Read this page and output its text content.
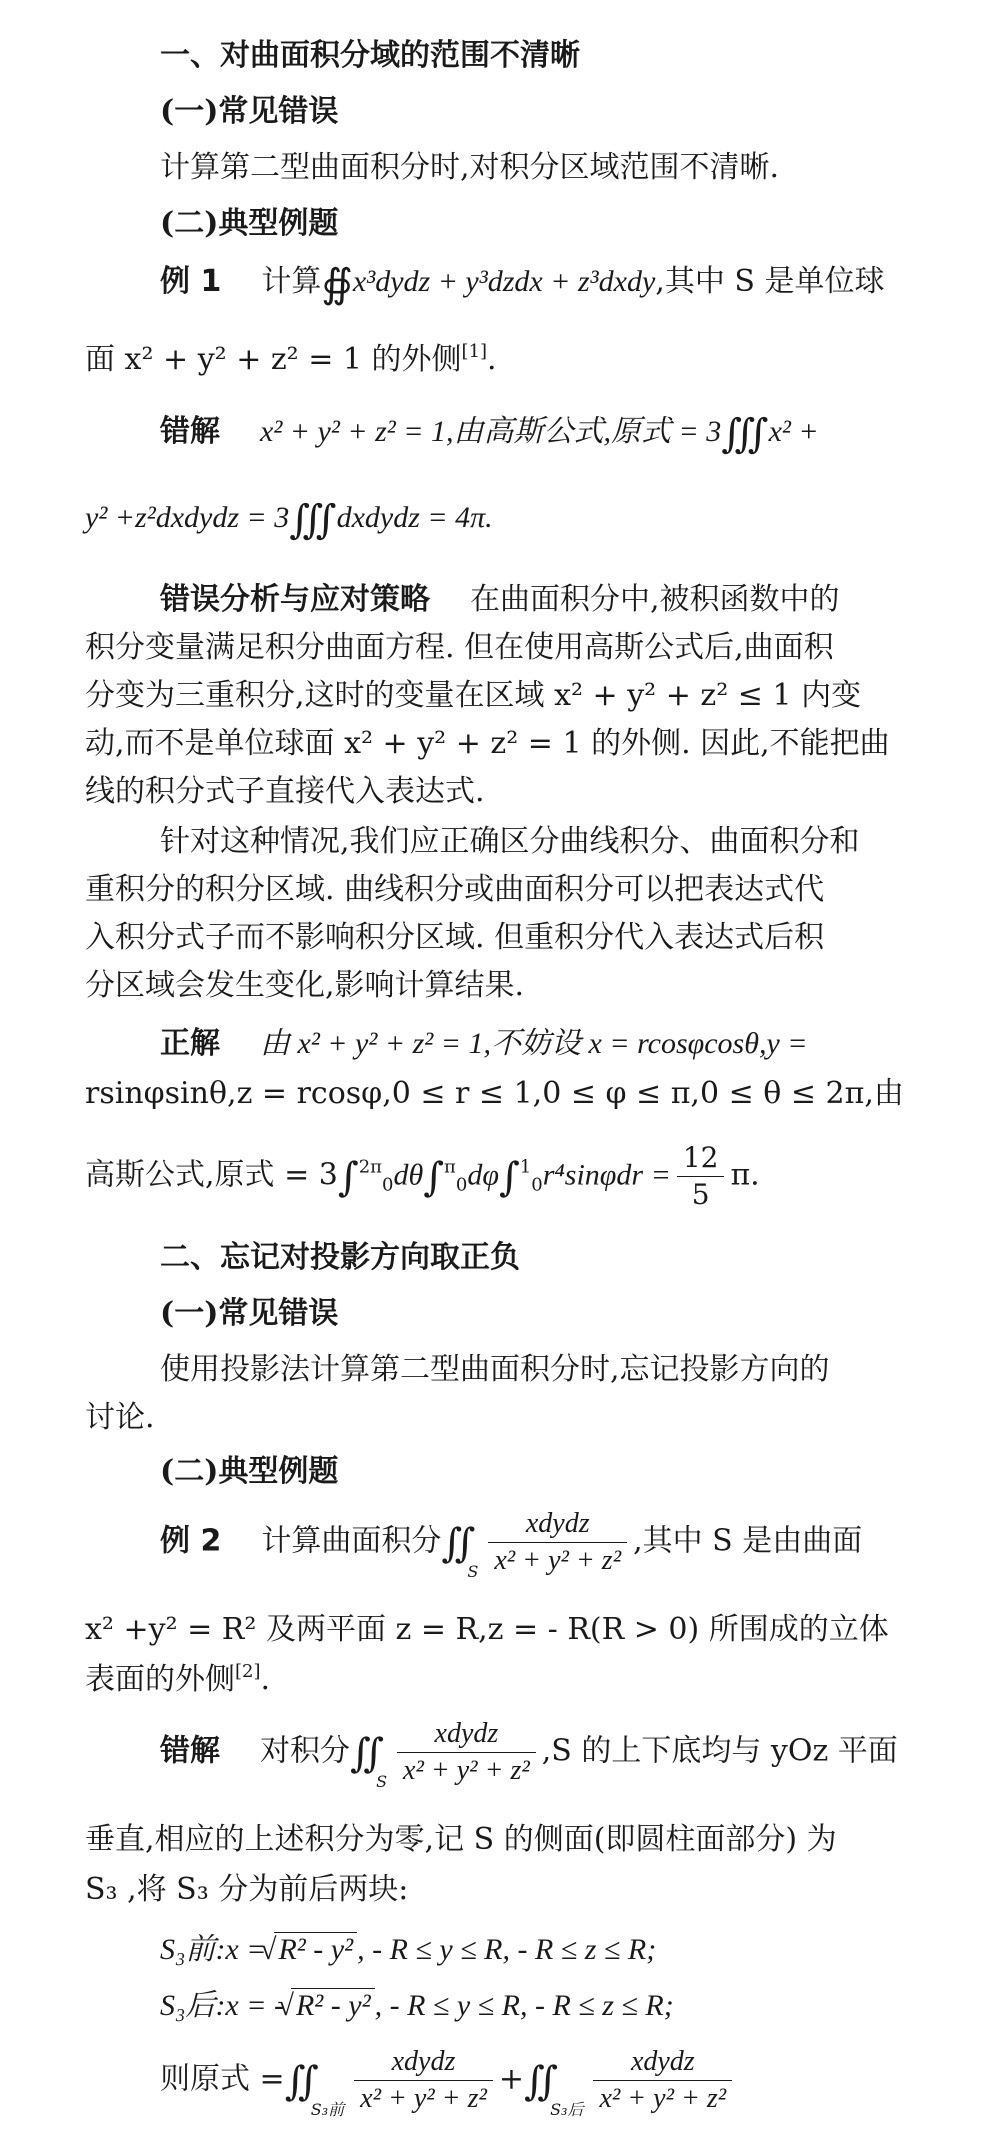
一、对曲面积分域的范围不清晰
(一)常见错误
计算第二型曲面积分时,对积分区域范围不清晰.
(二)典型例题
例 1 计算∯x³dydz + y³dzdx + z³dxdy,其中 S 是单位球
面 x² + y² + z² = 1 的外侧[1].
错解 x² + y² + z² = 1,由高斯公式,原式 = 3∭x² +
y² +z²dxdydz = 3∭dxdydz = 4π.
错误分析与应对策略 在曲面积分中,被积函数中的
积分变量满足积分曲面方程. 但在使用高斯公式后,曲面积
分变为三重积分,这时的变量在区域 x² + y² + z² ≤ 1 内变
动,而不是单位球面 x² + y² + z² = 1 的外侧. 因此,不能把曲
线的积分式子直接代入表达式.
针对这种情况,我们应正确区分曲线积分、曲面积分和
重积分的积分区域. 曲线积分或曲面积分可以把表达式代
入积分式子而不影响积分区域. 但重积分代入表达式后积
分区域会发生变化,影响计算结果.
正解 由 x² + y² + z² = 1,不妨设 x = rcosφcosθ,y =
rsinφsinθ,z = rcosφ,0 ≤ r ≤ 1,0 ≤ φ ≤ π,0 ≤ θ ≤ 2π,由
高斯公式,原式 = $3\int^{2\pi}_0d\theta\int^\pi_0d\varphi\int^1_0r^4\sin\varphi dr = \frac{12}{5} \pi$.
二、忘记对投影方向取正负
(一)常见错误
使用投影法计算第二型曲面积分时,忘记投影方向的
讨论.
(二)典型例题
例 2 计算曲面积分$∬_S \frac{\text{xdydz}}{\text{x² + y² + z²}}$ ,其中 S 是由曲面
x² +y² = R² 及两平面 z = R,z = - R(R > 0) 所围成的立体
表面的外侧[2].
错解 对积分$∬_S \frac{\text{xdydz}}{\text{x² + y² + z²}} ,S$ 的上下底均与 yOz 平面
垂直,相应的上述积分为零,记 S 的侧面(即圆柱面部分) 为
S₃ ,将 S₃ 分为前后两块:
S₃前:x = √ R² - y² , - R ≤ y ≤ R, - R ≤ z ≤ R;
S₃后:x = - √ R² - y² , - R ≤ y ≤ R, - R ≤ z ≤ R;
则原式 $=∬_{S_3前} \frac{\text{xdydz}}{\text{x² + y² + z²}}$ $+∬_{S_3后} \frac{\text{xdydz}}{\text{x² + y² + z²}}$
